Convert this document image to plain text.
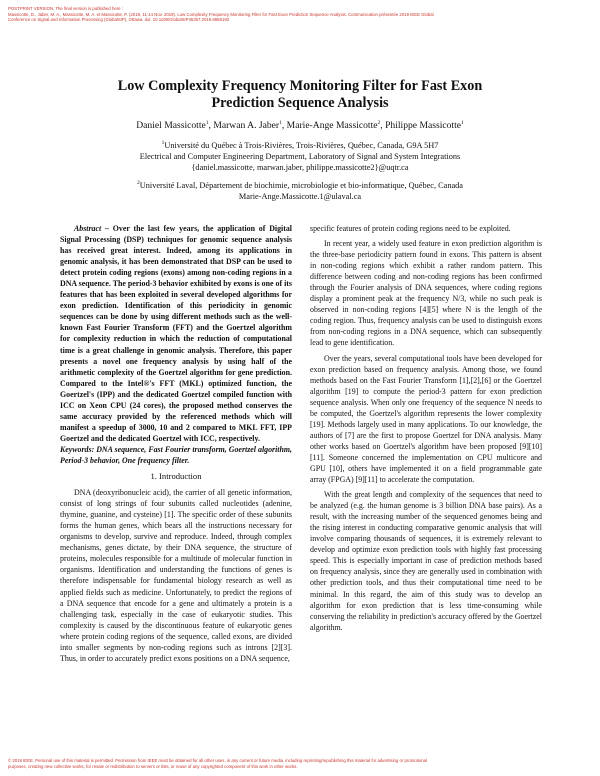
POSTPRINT VERSION. The final version is published here :
Massicotte, D., Jaber, M. A., Massicotte, M. A. et Massicotte, P. (2019, 11-14 Nov. 2019). Low Complexity Frequency Monitoring Filter for Fast Exon Prediction Sequence Analysis. Communication présentée 2019 IEEE Global
Conference on Signal and Information Processing (GlobalSIP), Ottawa. doi: 10.1109/GlobalSIP45357.2019.8969192
Low Complexity Frequency Monitoring Filter for Fast Exon
Prediction Sequence Analysis
Daniel Massicotte$^1$, Marwan A. Jaber$^1$, Marie-Ange Massicotte$^2$, Philippe Massicotte$^1$
$^1$Université du Québec à Trois-Rivières, Trois-Rivières, Québec, Canada, G9A 5H7
Electrical and Computer Engineering Department, Laboratory of Signal and System Integrations
{daniel.massicotte, marwan.jaber, philippe.massicotte2}@uqtr.ca
$^2$Université Laval, Département de biochimie, microbiologie et bio-informatique, Québec, Canada
Marie-Ange.Massicotte.1@ulaval.ca

Abstract – Over the last few years, the application of Digital Signal Processing (DSP) techniques for genomic sequence analysis has received great interest. Indeed, among its applications in genomic analysis, it has been demonstrated that DSP can be used to detect protein coding regions (exons) among non-coding regions in a DNA sequence. The period-3 behavior exhibited by exons is one of its features that has been exploited in several developed algorithms for exon prediction. Identification of this periodicity in genomic sequences can be done by using different methods such as the well-known Fast Fourier Transform (FFT) and the Goertzel algorithm for complexity reduction in which the reduction of computational time is a great challenge in genomic analysis. Therefore, this paper presents a novel one frequency analysis by using half of the arithmetic complexity of the Goertzel algorithm for gene prediction. Compared to the Intel®'s FFT (MKL) optimized function, the Goertzel's (IPP) and the dedicated Goertzel compiled function with ICC on Xeon CPU (24 cores), the proposed method conserves the same accuracy provided by the referenced methods which will manifest a speedup of 3000, 10 and 2 compared to MKL FFT, IPP Goertzel and the dedicated Goertzel with ICC, respectively.

Keywords: DNA sequence, Fast Fourier transform, Goertzel algorithm, Period-3 behavior, One frequency filter.

1. Introduction

DNA (deoxyribonucleic acid), the carrier of all genetic information, consist of long strings of four subunits called nucleotides (adenine, thymine, guanine, and cysteine) [1]. The specific order of these subunits forms the human genes, which bears all the instructions necessary for organisms to develop, survive and reproduce. Indeed, through complex mechanisms, genes dictate, by their DNA sequence, the structure of proteins, molecules responsible for a multitude of molecular function in organisms. Identification and understanding the functions of genes is therefore indispensable for fundamental biology research as well as applied fields such as medicine. Unfortunately, to predict the regions of a DNA sequence that encode for a gene and ultimately a protein is a challenging task, especially in the case of eukaryotic studies. This complexity is caused by the discontinuous feature of eukaryotic genes where protein coding regions of the sequence, called exons, are divided into smaller segments by non-coding regions such as introns [2][3]. Thus, in order to accurately predict exons positions on a DNA sequence,

specific features of protein coding regions need to be exploited.

In recent year, a widely used feature in exon prediction algorithm is the three-base periodicity pattern found in exons. This pattern is absent in non-coding regions which exhibit a rather random pattern. This difference between coding and non-coding regions has been confirmed through the Fourier analysis of DNA sequences, where coding regions display a prominent peak at the frequency N/3, while no such peak is observed in non-coding regions [4][5] where N is the length of the coding region. Thus, frequency analysis can be used to distinguish exons from non-coding regions in a DNA sequence, which can subsequently lead to gene identification.

Over the years, several computational tools have been developed for exon prediction based on frequency analysis. Among those, we found methods based on the Fast Fourier Transform [1],[2],[6] or the Goertzel algorithm [19] to compute the period-3 pattern for exon prediction sequence analysis. When only one frequency of the sequence N needs to be computed, the Goertzel's algorithm represents the lower complexity [19]. Methods largely used in many applications. To our knowledge, the authors of [7] are the first to propose Goertzel for DNA analysis. Many other works based on Goertzel's algorithm have been proposed [9][10][11]. Someone concerned the implementation on CPU multicore and GPU [10], others have implemented it on a field programmable gate array (FPGA) [9][11] to accelerate the computation.

With the great length and complexity of the sequences that need to be analyzed (e.g. the human genome is 3 billion DNA base pairs). As a result, with the increasing number of the sequenced genomes being and the rising interest in conducting comparative genomic analysis that will involve comparing thousands of sequences, it is extremely relevant to develop and optimize exon prediction tools with highly fast processing speed. This is especially important in case of prediction methods based on frequency analysis, since they are generally used in combination with other prediction tools, and thus their computational time need to be minimal. In this regard, the aim of this study was to develop an algorithm for exon prediction that is less time-consuming while conserving the reliability in prediction's accuracy offered by the Goertzel algorithm.

© 2019 IEEE. Personal use of this material is permitted. Permission from IEEE must be obtained for all other uses, in any current or future media, including reprinting/republishing this material for advertising or promotional
purposes, creating new collective works, for resale or redistribution to servers or lists, or reuse of any copyrighted component of this work in other works.
